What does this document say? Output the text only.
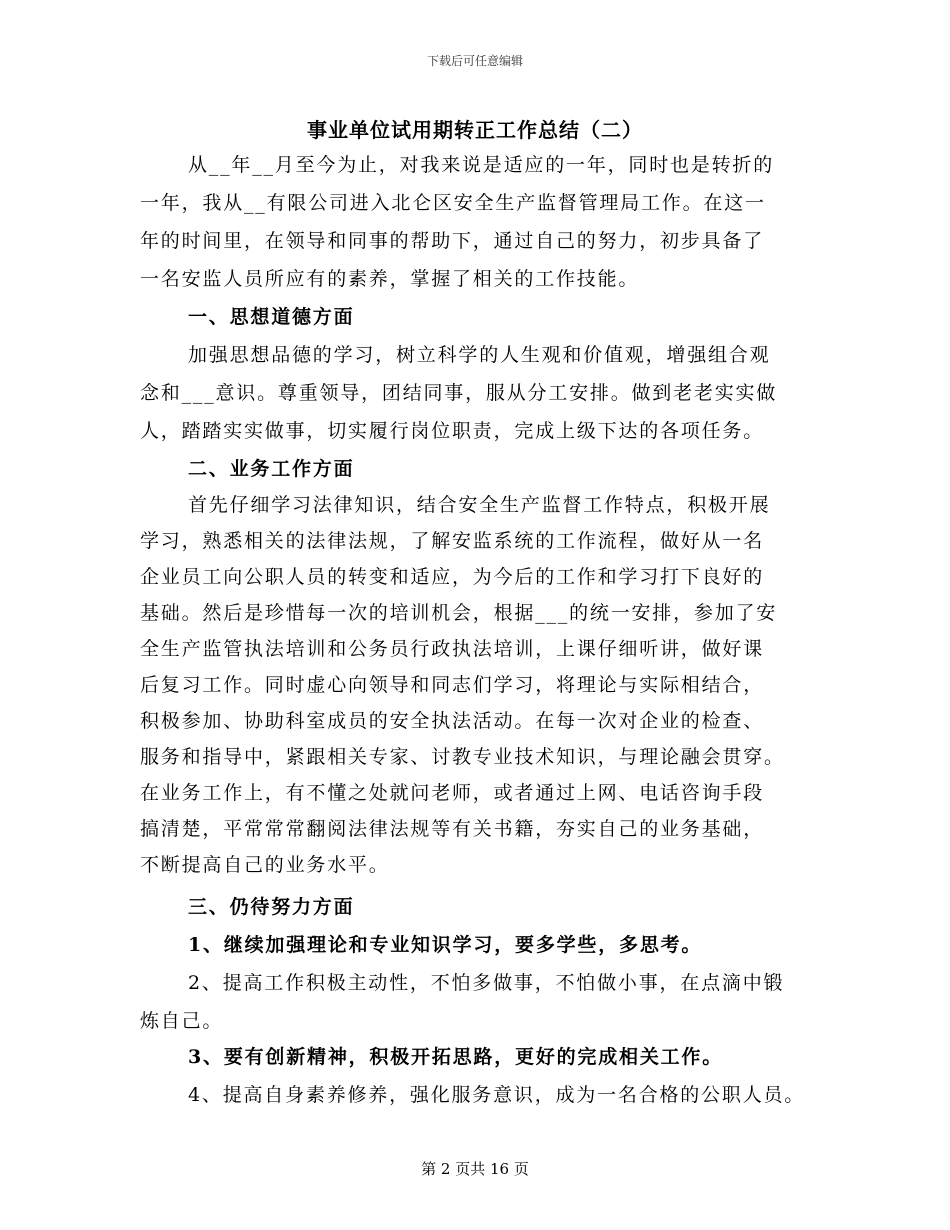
下载后可任意编辑
事业单位试用期转正工作总结（二）
从__年__月至今为止，对我来说是适应的一年，同时也是转折的
一年，我从__有限公司进入北仑区安全生产监督管理局工作。在这一
年的时间里，在领导和同事的帮助下，通过自己的努力，初步具备了
一名安监人员所应有的素养，掌握了相关的工作技能。
一、思想道德方面
加强思想品德的学习，树立科学的人生观和价值观，增强组合观
念和___意识。尊重领导，团结同事，服从分工安排。做到老老实实做
人，踏踏实实做事，切实履行岗位职责，完成上级下达的各项任务。
二、业务工作方面
首先仔细学习法律知识，结合安全生产监督工作特点，积极开展
学习，熟悉相关的法律法规，了解安监系统的工作流程，做好从一名
企业员工向公职人员的转变和适应，为今后的工作和学习打下良好的
基础。然后是珍惜每一次的培训机会，根据___的统一安排，参加了安
全生产监管执法培训和公务员行政执法培训，上课仔细听讲，做好课
后复习工作。同时虚心向领导和同志们学习，将理论与实际相结合，
积极参加、协助科室成员的安全执法活动。在每一次对企业的检查、
服务和指导中，紧跟相关专家、讨教专业技术知识，与理论融会贯穿。
在业务工作上，有不懂之处就问老师，或者通过上网、电话咨询手段
搞清楚，平常常常翻阅法律法规等有关书籍，夯实自己的业务基础，
不断提高自己的业务水平。
三、仍待努力方面
1、继续加强理论和专业知识学习，要多学些，多思考。
2、提高工作积极主动性，不怕多做事，不怕做小事，在点滴中锻
炼自己。
3、要有创新精神，积极开拓思路，更好的完成相关工作。
4、提高自身素养修养，强化服务意识，成为一名合格的公职人员。
第 2 页共 16 页
